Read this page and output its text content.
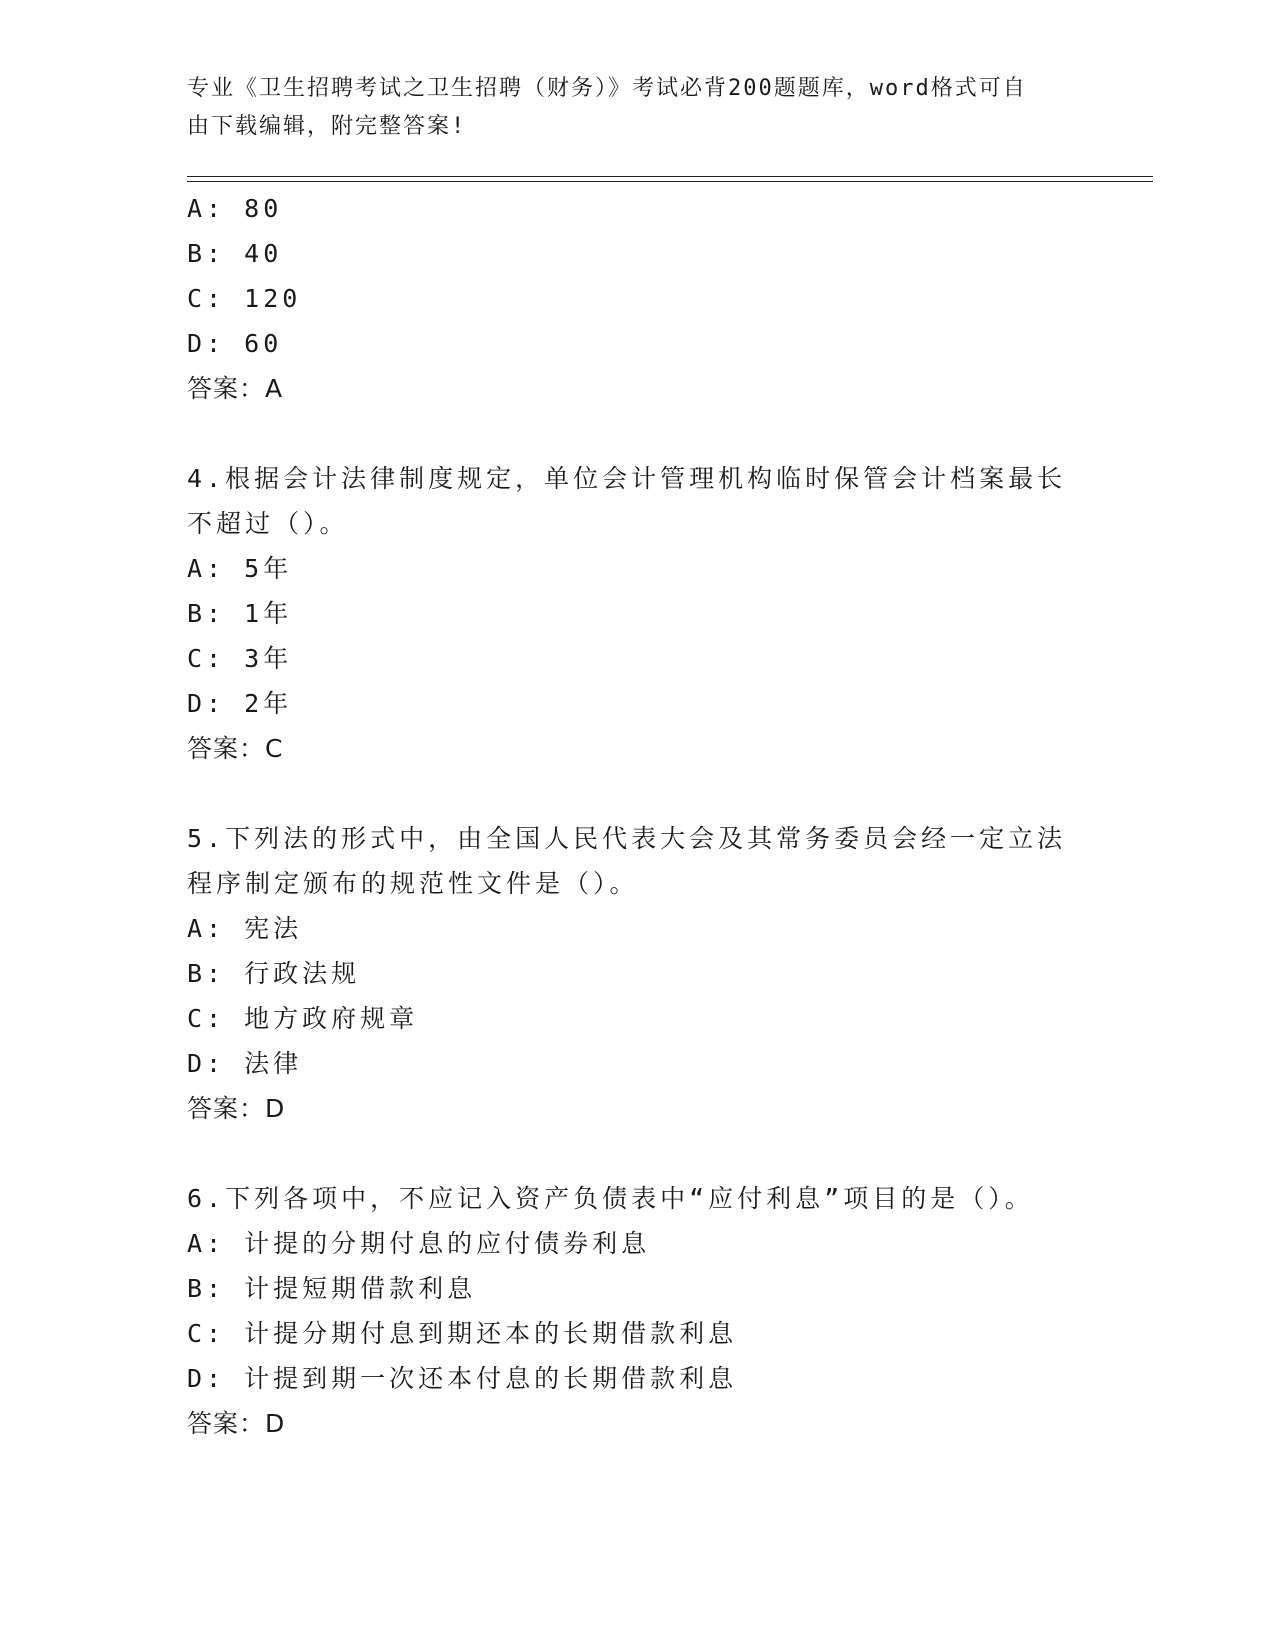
专业《卫生招聘考试之卫生招聘（财务）》考试必背200题题库，word格式可自
由下载编辑，附完整答案!
A: 80
B: 40
C: 120
D: 60
答案：A
4.根据会计法律制度规定，单位会计管理机构临时保管会计档案最长
不超过（）。
A: 5年
B: 1年
C: 3年
D: 2年
答案：C
5.下列法的形式中，由全国人民代表大会及其常务委员会经一定立法
程序制定颁布的规范性文件是（）。
A: 宪法
B: 行政法规
C: 地方政府规章
D: 法律
答案：D
6.下列各项中，不应记入资产负债表中“应付利息”项目的是（）。
A: 计提的分期付息的应付债券利息
B: 计提短期借款利息
C: 计提分期付息到期还本的长期借款利息
D: 计提到期一次还本付息的长期借款利息
答案：D
